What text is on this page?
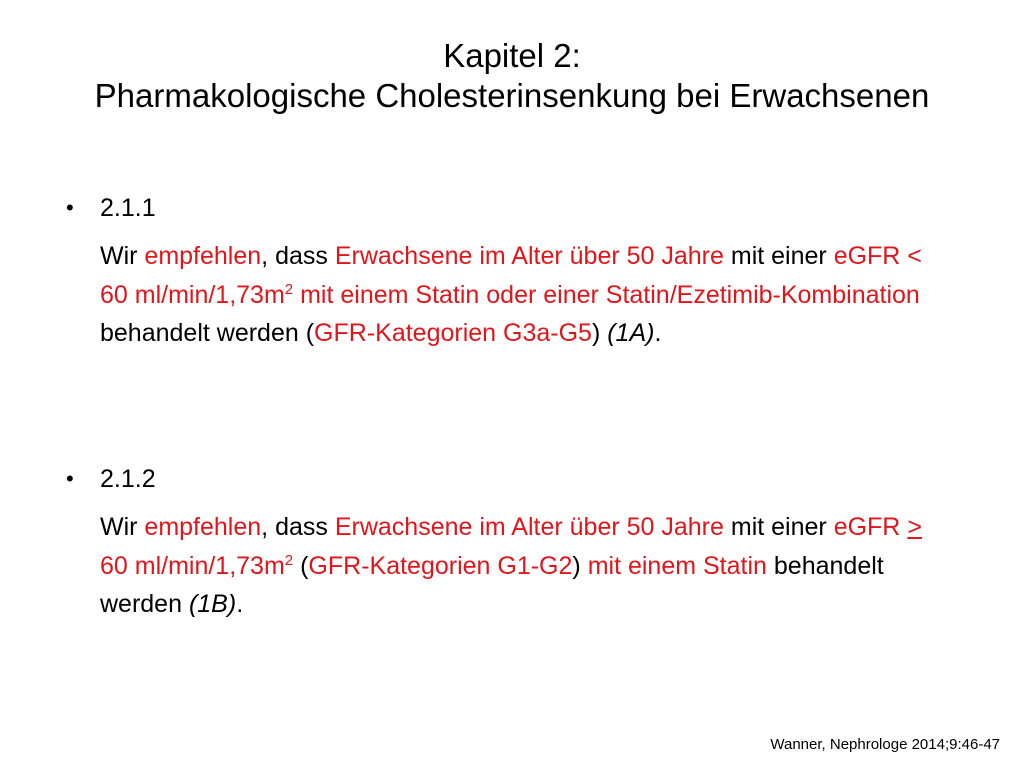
Kapitel 2:
Pharmakologische Cholesterinsenkung bei Erwachsenen
• 2.1.1
Wir empfehlen, dass Erwachsene im Alter über 50 Jahre mit einer eGFR < 60 $ml/\min/1,73m^2$ mit einem Statin oder einer Statin/Ezetimib-Kombination behandelt werden (GFR-Kategorien G3a-G5) (1A).
• 2.1.2
Wir empfehlen, dass Erwachsene im Alter über 50 Jahre mit einer eGFR > 60 $ml/\min/1,73m^2$ (GFR-Kategorien G1-G2) mit einem Statin behandelt werden (1B).
Wanner, Nephrologe 2014;9:46-47
